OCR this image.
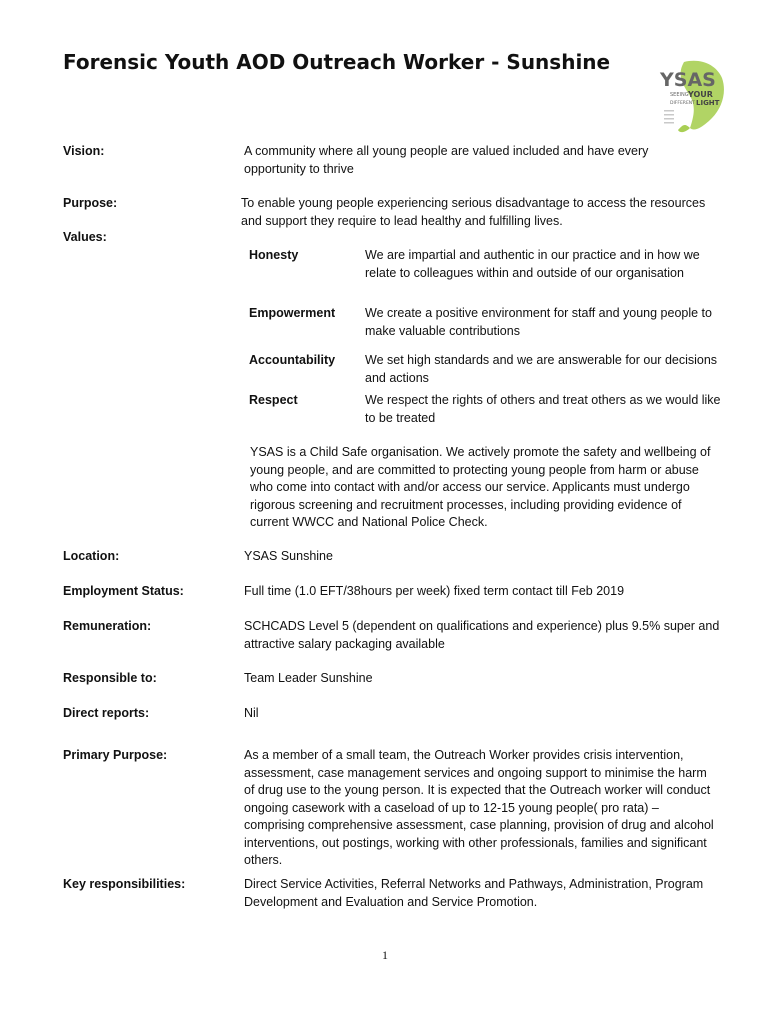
Forensic Youth AOD Outreach Worker - Sunshine
YSAS
SEEING YOUR
DIFFERENT LIGHT
Vision:	A community where all young people are valued included and have every opportunity to thrive
Purpose:	To enable young people experiencing serious disadvantage to access the resources and support they require to lead healthy and fulfilling lives.
Values:
Honesty	We are impartial and authentic in our practice and in how we relate to colleagues within and outside of our organisation
Empowerment We create a positive environment for staff and young people to make valuable contributions
Accountability We set high standards and we are answerable for our decisions and actions
Respect	We respect the rights of others and treat others as we would like to be treated
YSAS is a Child Safe organisation. We actively promote the safety and wellbeing of young people, and are committed to protecting young people from harm or abuse who come into contact with and/or access our service. Applicants must undergo rigorous screening and recruitment processes, including providing evidence of current WWCC and National Police Check.
Location:	YSAS Sunshine
Employment Status:	Full time (1.0 EFT/38hours per week) fixed term contact till Feb 2019
Remuneration:	SCHCADS Level 5 (dependent on qualifications and experience) plus 9.5% super and attractive salary packaging available
Responsible to:	Team Leader Sunshine
Direct reports:	Nil
Primary Purpose:	As a member of a small team, the Outreach Worker provides crisis intervention, assessment, case management services and ongoing support to minimise the harm of drug use to the young person. It is expected that the Outreach worker will conduct ongoing casework with a caseload of up to 12-15 young people( pro rata) – comprising comprehensive assessment, case planning, provision of drug and alcohol interventions, out postings, working with other professionals, families and significant others.
Key responsibilities:	Direct Service Activities, Referral Networks and Pathways, Administration, Program Development and Evaluation and Service Promotion.
1
